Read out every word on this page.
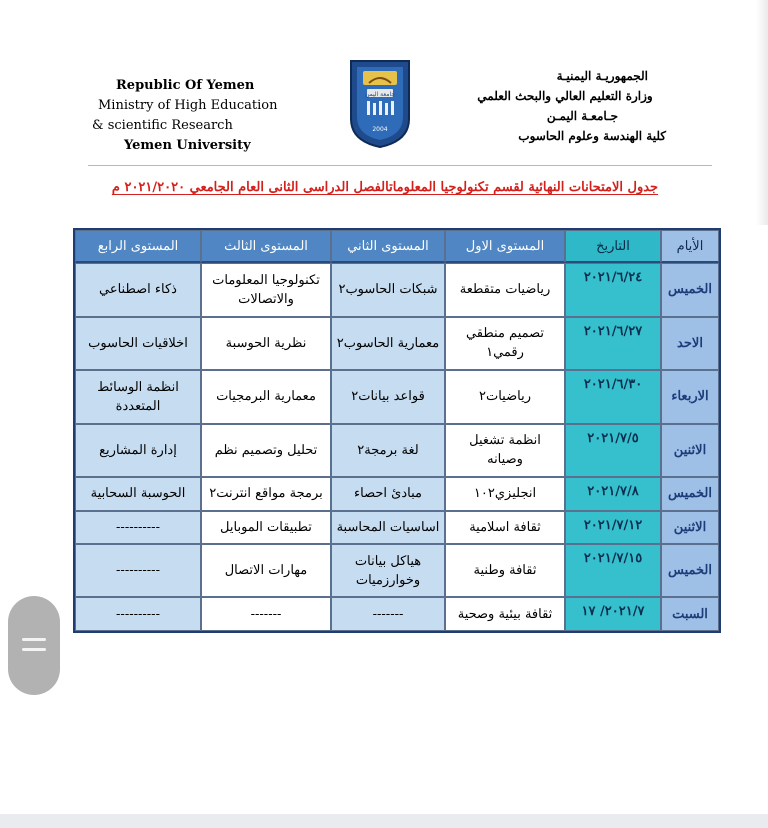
Republic Of Yemen
Ministry of High Education
& scientific Research
Yemen University
جامعة اليمن
2004
الجمهوريـة اليمنيـة
وزارة التعليم العالي والبحث العلمي
جـامعـة اليمـن
كلية الهندسة وعلوم الحاسوب
جدول الامتحانات النهائية لقسم تكنولوجيا المعلوماتالفصل الدراسى الثانى العام الجامعي ٢٠٢١/٢٠٢٠ م
الأيام	التاريخ	المستوى الاول	المستوى الثاني	المستوى الثالث	المستوى الرابع
الخميس	٢٠٢١/٦/٢٤	رياضيات متقطعة	شبكات الحاسوب٢	تكنولوجيا المعلومات والاتصالات	ذكاء اصطناعي
الاحد	٢٠٢١/٦/٢٧	تصميم منطقي رقمي١	معمارية الحاسوب٢	نظرية الحوسبة	اخلاقيات الحاسوب
الاربعاء	٢٠٢١/٦/٣٠	رياضيات٢	قواعد بيانات٢	معمارية البرمجيات	انظمة الوسائط المتعددة
الاثنين	٢٠٢١/٧/٥	انظمة تشغيل وصيانه	لغة برمجة٢	تحليل وتصميم نظم	إدارة المشاريع
الخميس	٢٠٢١/٧/٨	انجليزي١٠٢	مبادئ احصاء	برمجة مواقع انترنت٢	الحوسبة السحابية
الاثنين	٢٠٢١/٧/١٢	ثقافة اسلامية	اساسيات المحاسبة	تطبيقات الموبايل	----------
الخميس	٢٠٢١/٧/١٥	ثقافة وطنية	هياكل بيانات وخوارزميات	مهارات الاتصال	----------
السبت	٢٠٢١/٧/ ١٧	ثقافة بيئية وصحية	-------	-------	----------
